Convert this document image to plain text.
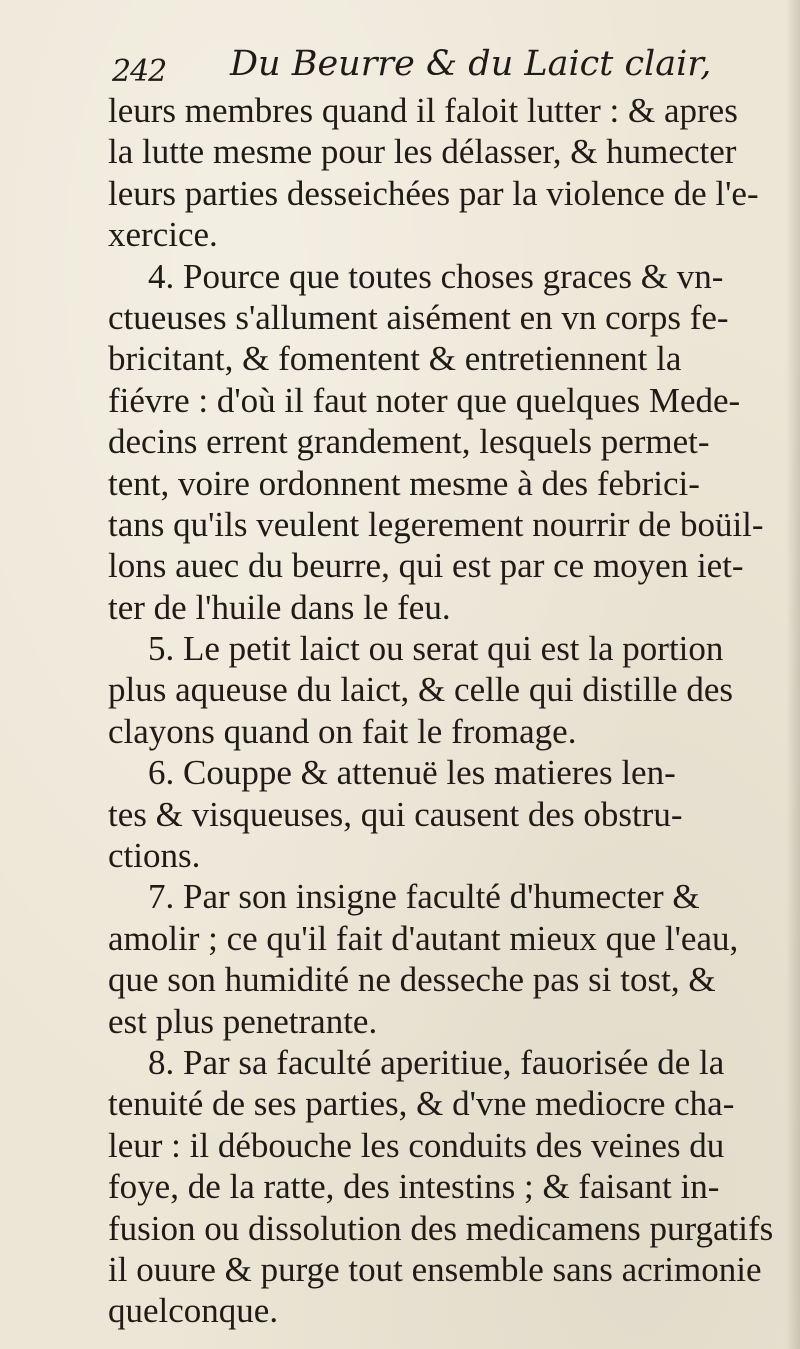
242 Du Beurre & du Laict clair,
leurs membres quand il faloit lutter : & apres
la lutte mesme pour les délasser, & humecter
leurs parties desseichées par la violence de l'e-
xercice.
4. Pource que toutes choses graces & vn-
ctueuses s'allument aisément en vn corps fe-
bricitant, & fomentent & entretiennent la
fiévre : d'où il faut noter que quelques Mede-
decins errent grandement, lesquels permet-
tent, voire ordonnent mesme à des febrici-
tans qu'ils veulent legerement nourrir de boüil-
lons auec du beurre, qui est par ce moyen iet-
ter de l'huile dans le feu.
5. Le petit laict ou serat qui est la portion
plus aqueuse du laict, & celle qui distille des
clayons quand on fait le fromage.
6. Couppe & attenuë les matieres len-
tes & visqueuses, qui causent des obstru-
ctions.
7. Par son insigne faculté d'humecter &
amolir ; ce qu'il fait d'autant mieux que l'eau,
que son humidité ne desseche pas si tost, &
est plus penetrante.
8. Par sa faculté aperitiue, fauorisée de la
tenuité de ses parties, & d'vne mediocre cha-
leur : il débouche les conduits des veines du
foye, de la ratte, des intestins ; & faisant in-
fusion ou dissolution des medicamens purgatifs
il ouure & purge tout ensemble sans acrimonie
quelconque.
